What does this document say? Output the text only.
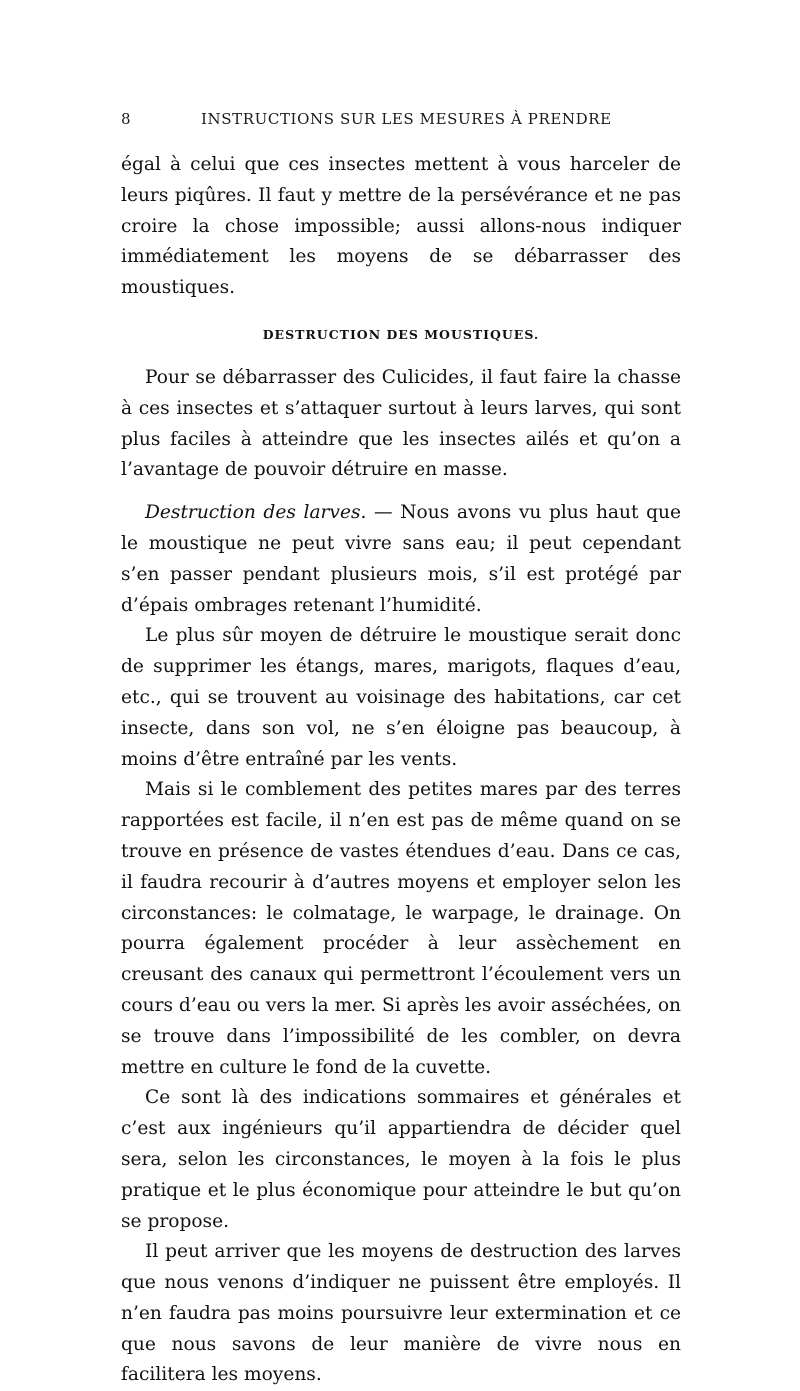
8	INSTRUCTIONS SUR LES MESURES À PRENDRE

égal à celui que ces insectes mettent à vous harceler de leurs piqûres. Il faut y mettre de la persévérance et ne pas croire la chose impossible; aussi allons-nous indiquer immédiatement les moyens de se débarrasser des moustiques.

DESTRUCTION DES MOUSTIQUES.

Pour se débarrasser des Culicides, il faut faire la chasse à ces insectes et s’attaquer surtout à leurs larves, qui sont plus faciles à atteindre que les insectes ailés et qu’on a l’avantage de pouvoir détruire en masse.

Destruction des larves. — Nous avons vu plus haut que le moustique ne peut vivre sans eau; il peut cependant s’en passer pendant plusieurs mois, s’il est protégé par d’épais ombrages retenant l’humidité.

Le plus sûr moyen de détruire le moustique serait donc de supprimer les étangs, mares, marigots, flaques d’eau, etc., qui se trouvent au voisinage des habitations, car cet insecte, dans son vol, ne s’en éloigne pas beaucoup, à moins d’être entraîné par les vents.

Mais si le comblement des petites mares par des terres rapportées est facile, il n’en est pas de même quand on se trouve en présence de vastes étendues d’eau. Dans ce cas, il faudra recourir à d’autres moyens et employer selon les circonstances: le colmatage, le warpage, le drainage. On pourra également procéder à leur assèchement en creusant des canaux qui permettront l’écoulement vers un cours d’eau ou vers la mer. Si après les avoir asséchées, on se trouve dans l’impossibilité de les combler, on devra mettre en culture le fond de la cuvette.

Ce sont là des indications sommaires et générales et c’est aux ingénieurs qu’il appartiendra de décider quel sera, selon les circonstances, le moyen à la fois le plus pratique et le plus économique pour atteindre le but qu’on se propose.

Il peut arriver que les moyens de destruction des larves que nous venons d’indiquer ne puissent être employés. Il n’en faudra pas moins poursuivre leur extermination et ce que nous savons de leur manière de vivre nous en facilitera les moyens.
